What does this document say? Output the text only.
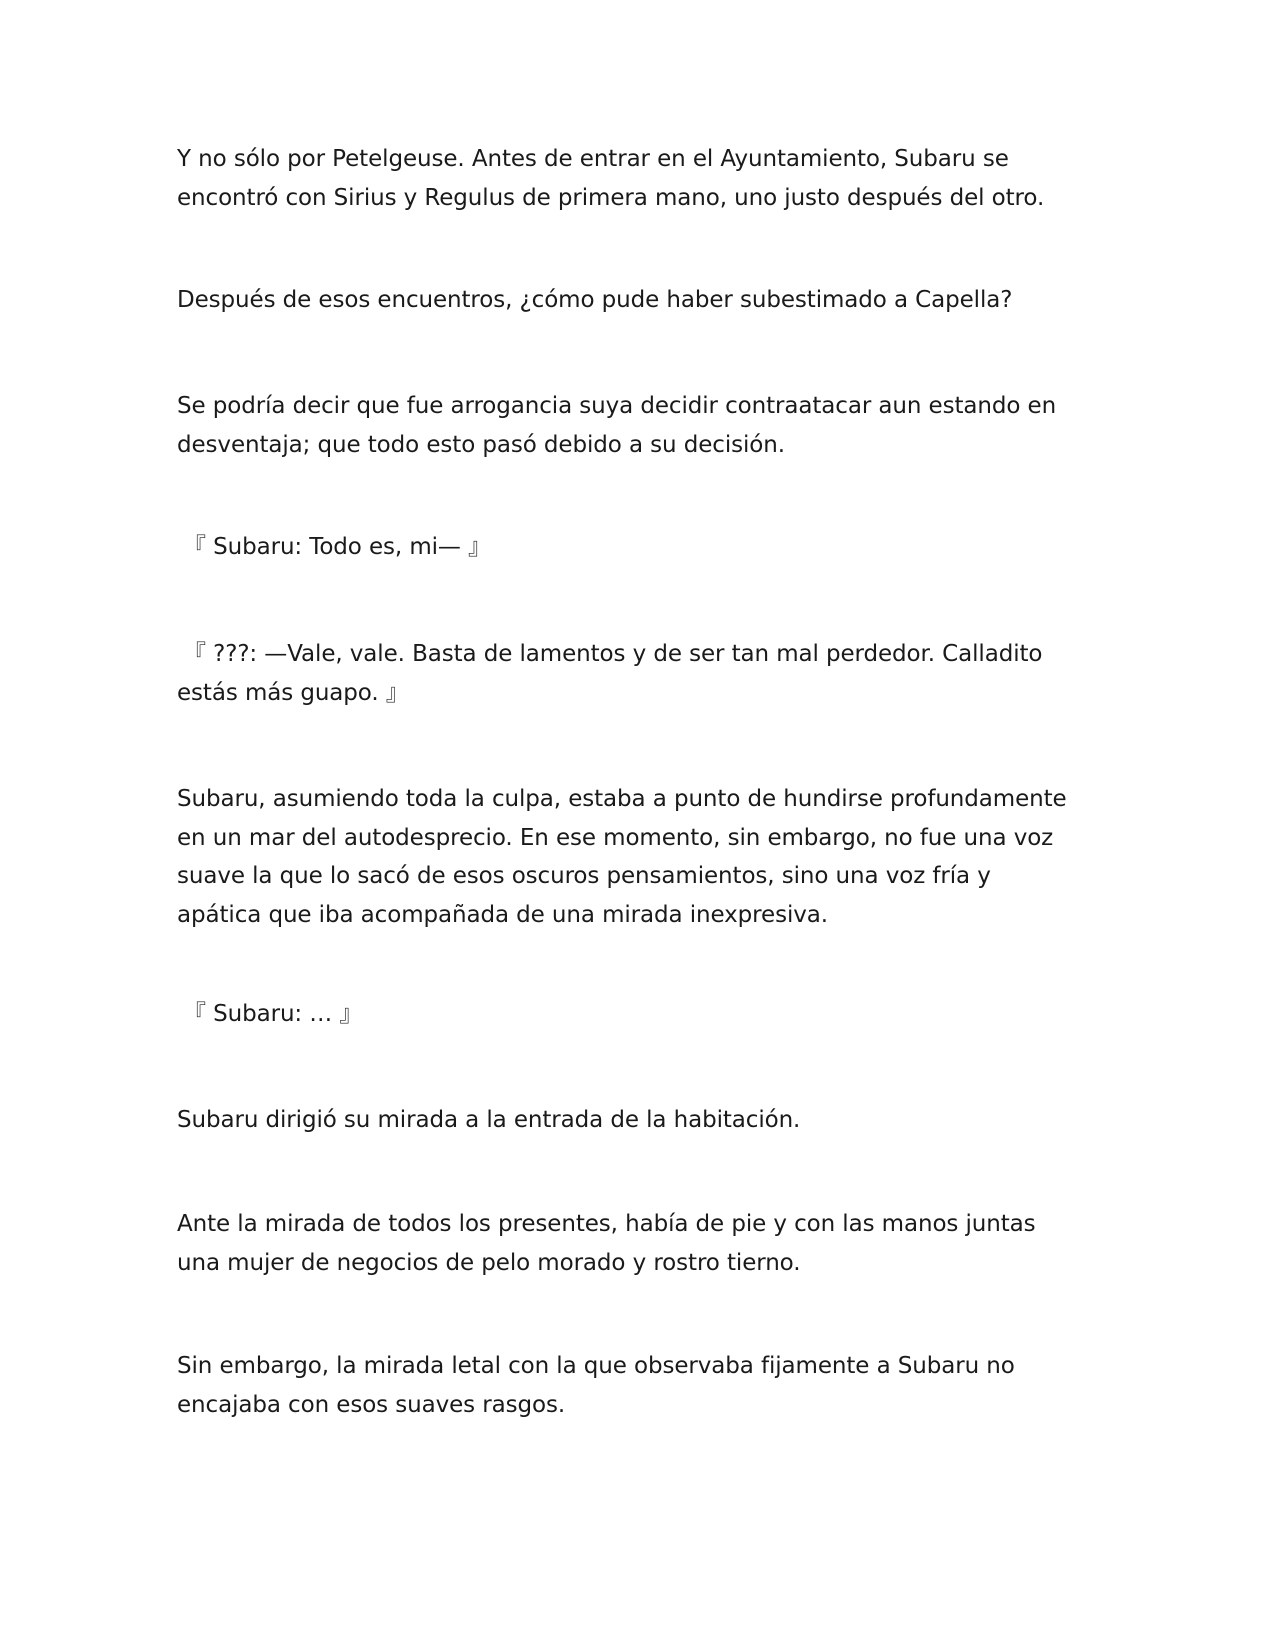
Y no sólo por Petelgeuse. Antes de entrar en el Ayuntamiento, Subaru se
encontró con Sirius y Regulus de primera mano, uno justo después del otro.

Después de esos encuentros, ¿cómo pude haber subestimado a Capella?

Se podría decir que fue arrogancia suya decidir contraatacar aun estando en
desventaja; que todo esto pasó debido a su decisión.

『 Subaru: Todo es, mi— 』

『 ???: —Vale, vale. Basta de lamentos y de ser tan mal perdedor. Calladito
estás más guapo. 』

Subaru, asumiendo toda la culpa, estaba a punto de hundirse profundamente
en un mar del autodesprecio. En ese momento, sin embargo, no fue una voz
suave la que lo sacó de esos oscuros pensamientos, sino una voz fría y
apática que iba acompañada de una mirada inexpresiva.

『 Subaru: … 』

Subaru dirigió su mirada a la entrada de la habitación.

Ante la mirada de todos los presentes, había de pie y con las manos juntas
una mujer de negocios de pelo morado y rostro tierno.

Sin embargo, la mirada letal con la que observaba fijamente a Subaru no
encajaba con esos suaves rasgos.
